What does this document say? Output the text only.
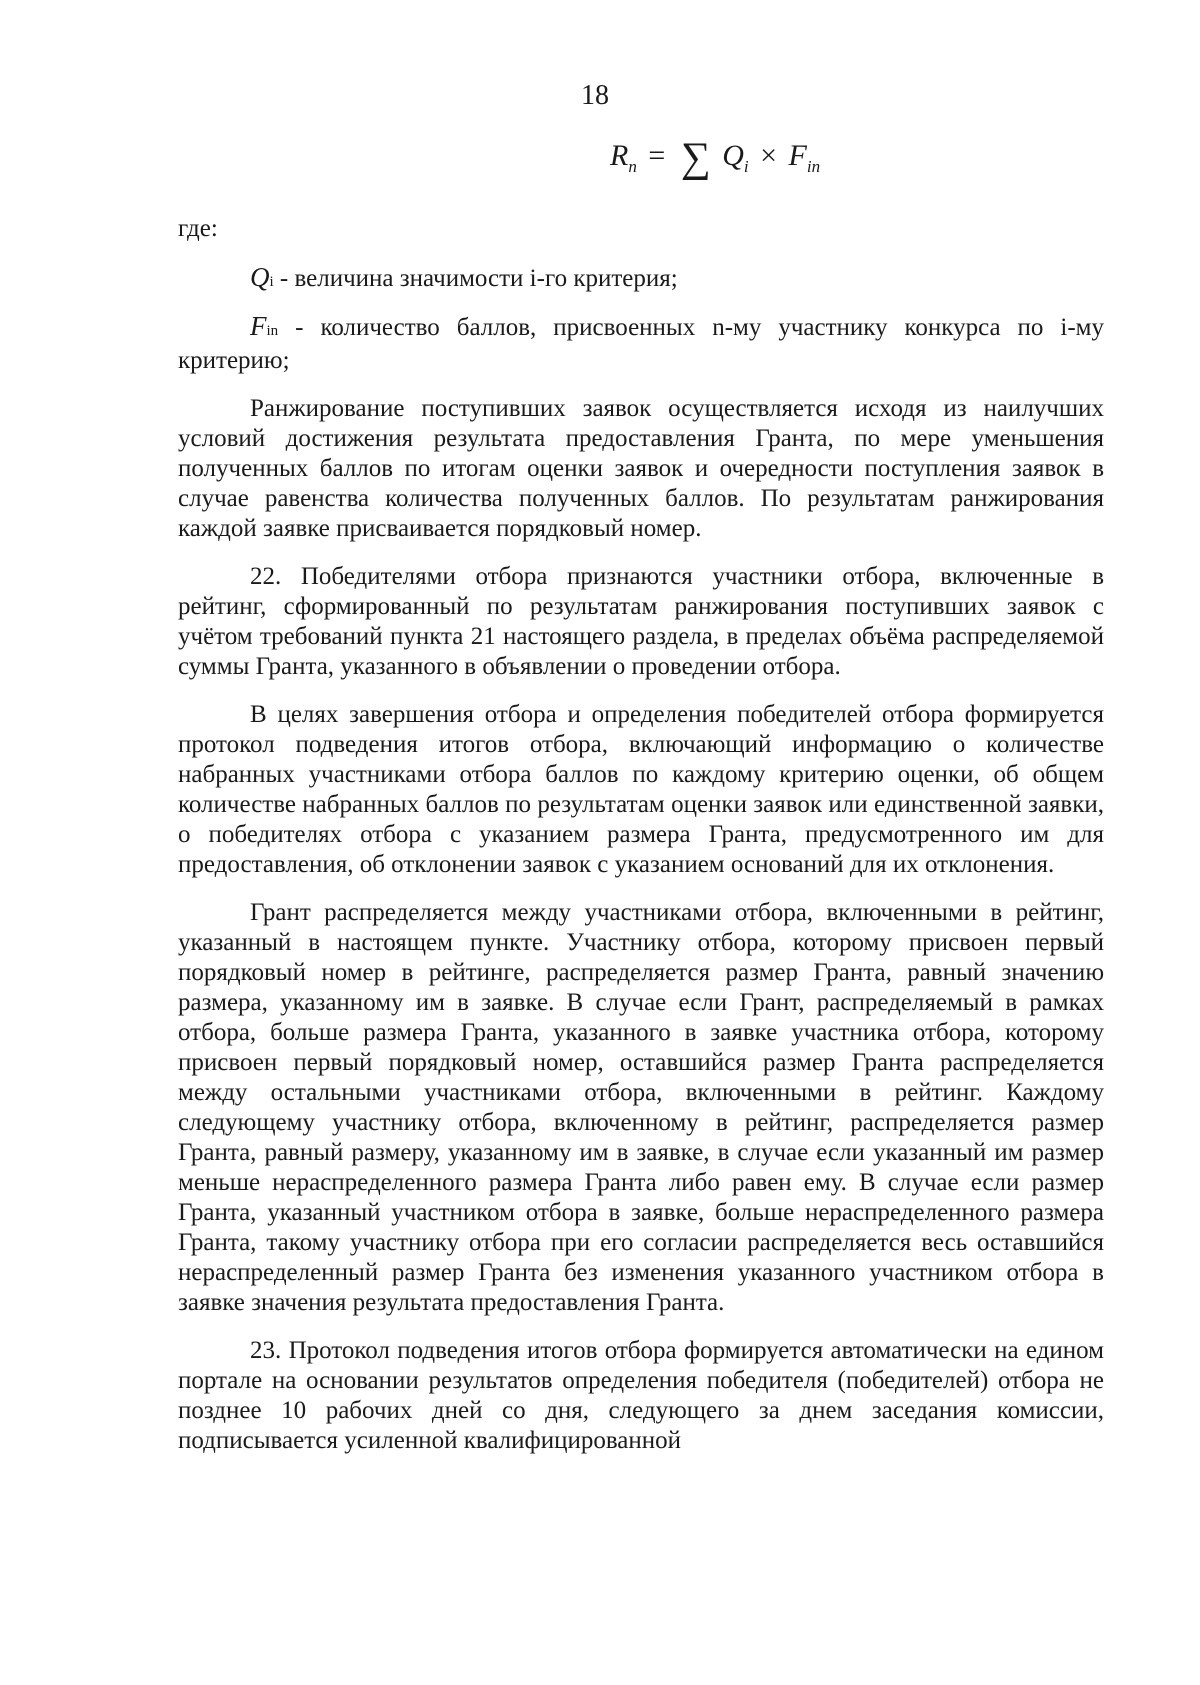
18
$R_n$ = ∑ $Q_i \times F_{in}$

где:

Qi - величина значимости i-го критерия;

Fin - количество баллов, присвоенных n-му участнику конкурса по i-му критерию;

Ранжирование поступивших заявок осуществляется исходя из наилучших условий достижения результата предоставления Гранта, по мере уменьшения полученных баллов по итогам оценки заявок и очередности поступления заявок в случае равенства количества полученных баллов. По результатам ранжирования каждой заявке присваивается порядковый номер.

22. Победителями отбора признаются участники отбора, включенные в рейтинг, сформированный по результатам ранжирования поступивших заявок с учётом требований пункта 21 настоящего раздела, в пределах объёма распределяемой суммы Гранта, указанного в объявлении о проведении отбора.

В целях завершения отбора и определения победителей отбора формируется протокол подведения итогов отбора, включающий информацию о количестве набранных участниками отбора баллов по каждому критерию оценки, об общем количестве набранных баллов по результатам оценки заявок или единственной заявки, о победителях отбора с указанием размера Гранта, предусмотренного им для предоставления, об отклонении заявок с указанием оснований для их отклонения.

Грант распределяется между участниками отбора, включенными в рейтинг, указанный в настоящем пункте. Участнику отбора, которому присвоен первый порядковый номер в рейтинге, распределяется размер Гранта, равный значению размера, указанному им в заявке. В случае если Грант, распределяемый в рамках отбора, больше размера Гранта, указанного в заявке участника отбора, которому присвоен первый порядковый номер, оставшийся размер Гранта распределяется между остальными участниками отбора, включенными в рейтинг. Каждому следующему участнику отбора, включенному в рейтинг, распределяется размер Гранта, равный размеру, указанному им в заявке, в случае если указанный им размер меньше нераспределенного размера Гранта либо равен ему. В случае если размер Гранта, указанный участником отбора в заявке, больше нераспределенного размера Гранта, такому участнику отбора при его согласии распределяется весь оставшийся нераспределенный размер Гранта без изменения указанного участником отбора в заявке значения результата предоставления Гранта.

23. Протокол подведения итогов отбора формируется автоматически на едином портале на основании результатов определения победителя (победителей) отбора не позднее 10 рабочих дней со дня, следующего за днем заседания комиссии, подписывается усиленной квалифицированной
